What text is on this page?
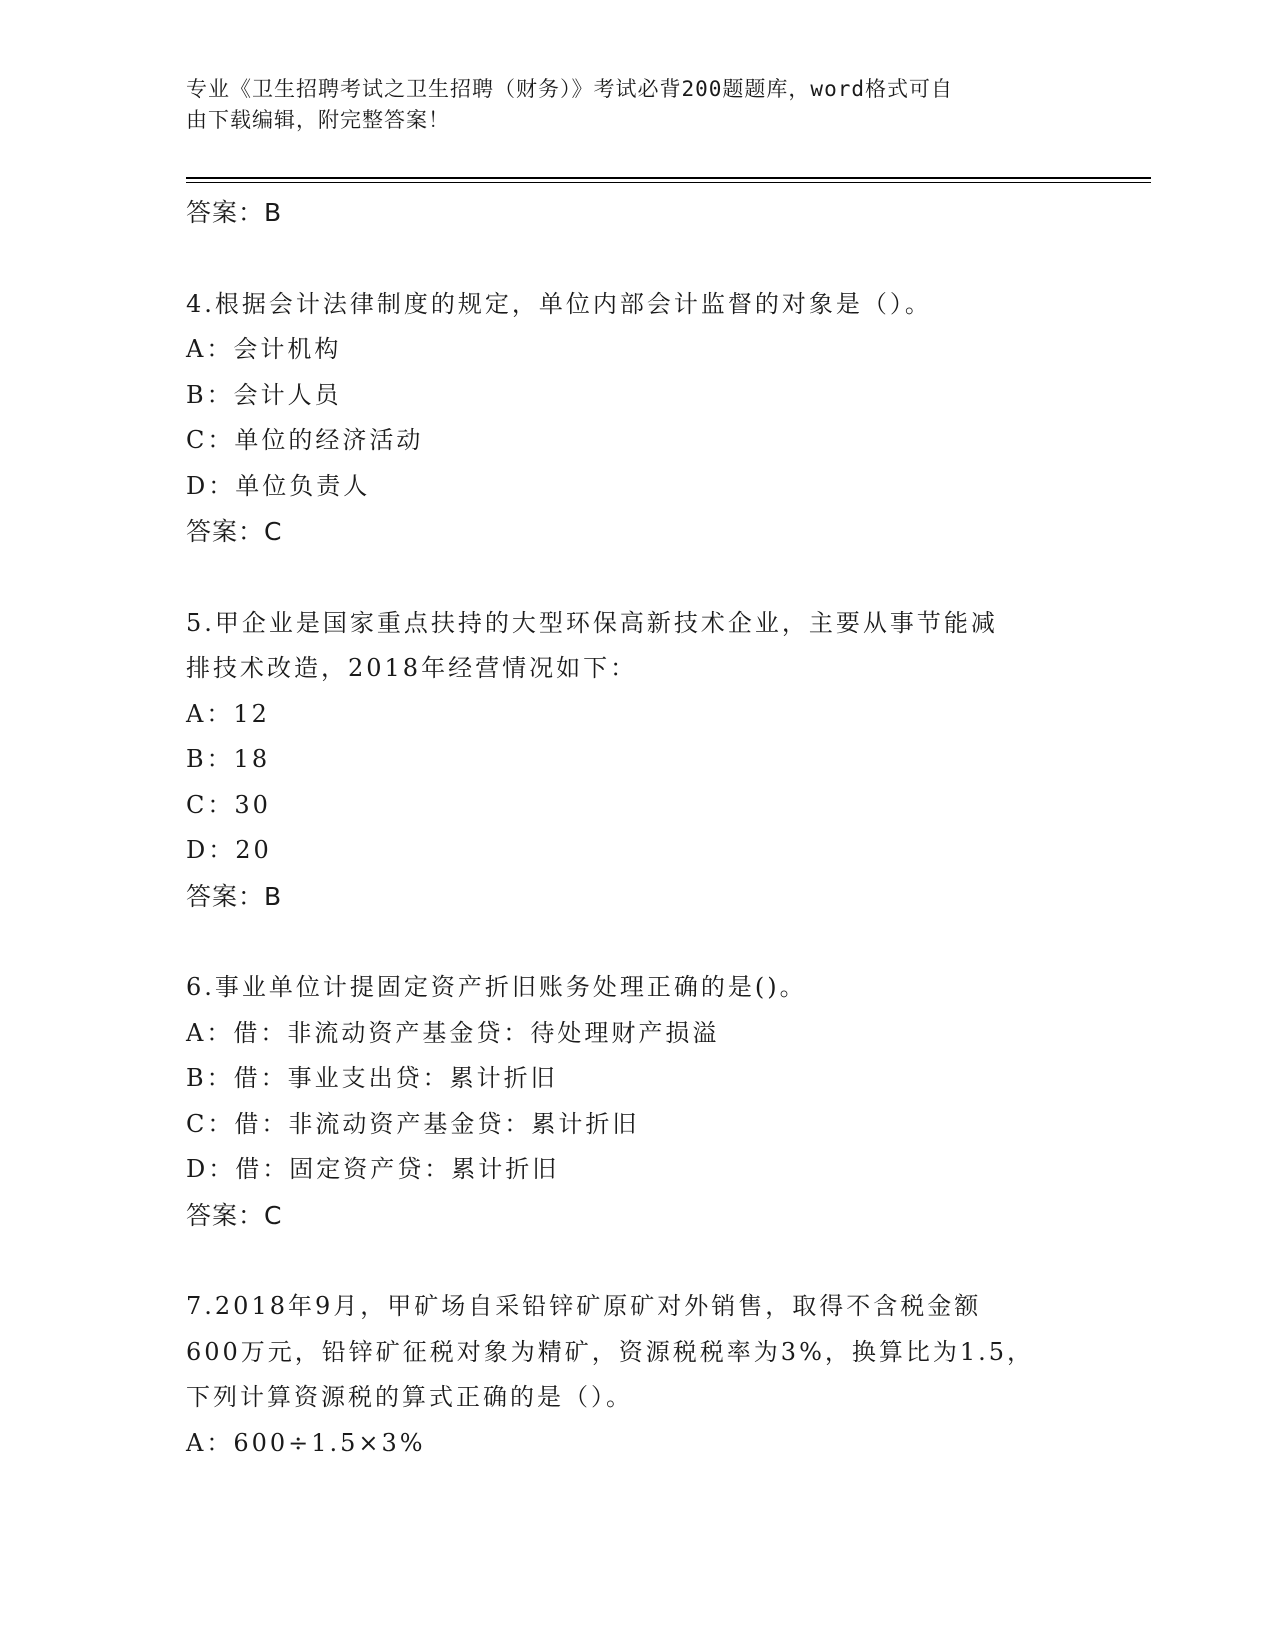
专业《卫生招聘考试之卫生招聘（财务）》考试必背200题题库，word格式可自
由下载编辑，附完整答案！
答案：B
4.根据会计法律制度的规定，单位内部会计监督的对象是（）。
A：会计机构
B：会计人员
C：单位的经济活动
D：单位负责人
答案：C
5.甲企业是国家重点扶持的大型环保高新技术企业，主要从事节能减
排技术改造，2018年经营情况如下：
A：12
B：18
C：30
D：20
答案：B
6.事业单位计提固定资产折旧账务处理正确的是()。
A：借：非流动资产基金贷：待处理财产损溢
B：借：事业支出贷：累计折旧
C：借：非流动资产基金贷：累计折旧
D：借：固定资产贷：累计折旧
答案：C
7.2018年9月，甲矿场自采铅锌矿原矿对外销售，取得不含税金额
600万元，铅锌矿征税对象为精矿，资源税税率为3%，换算比为1.5，
下列计算资源税的算式正确的是（）。
A：600÷1.5×3%
